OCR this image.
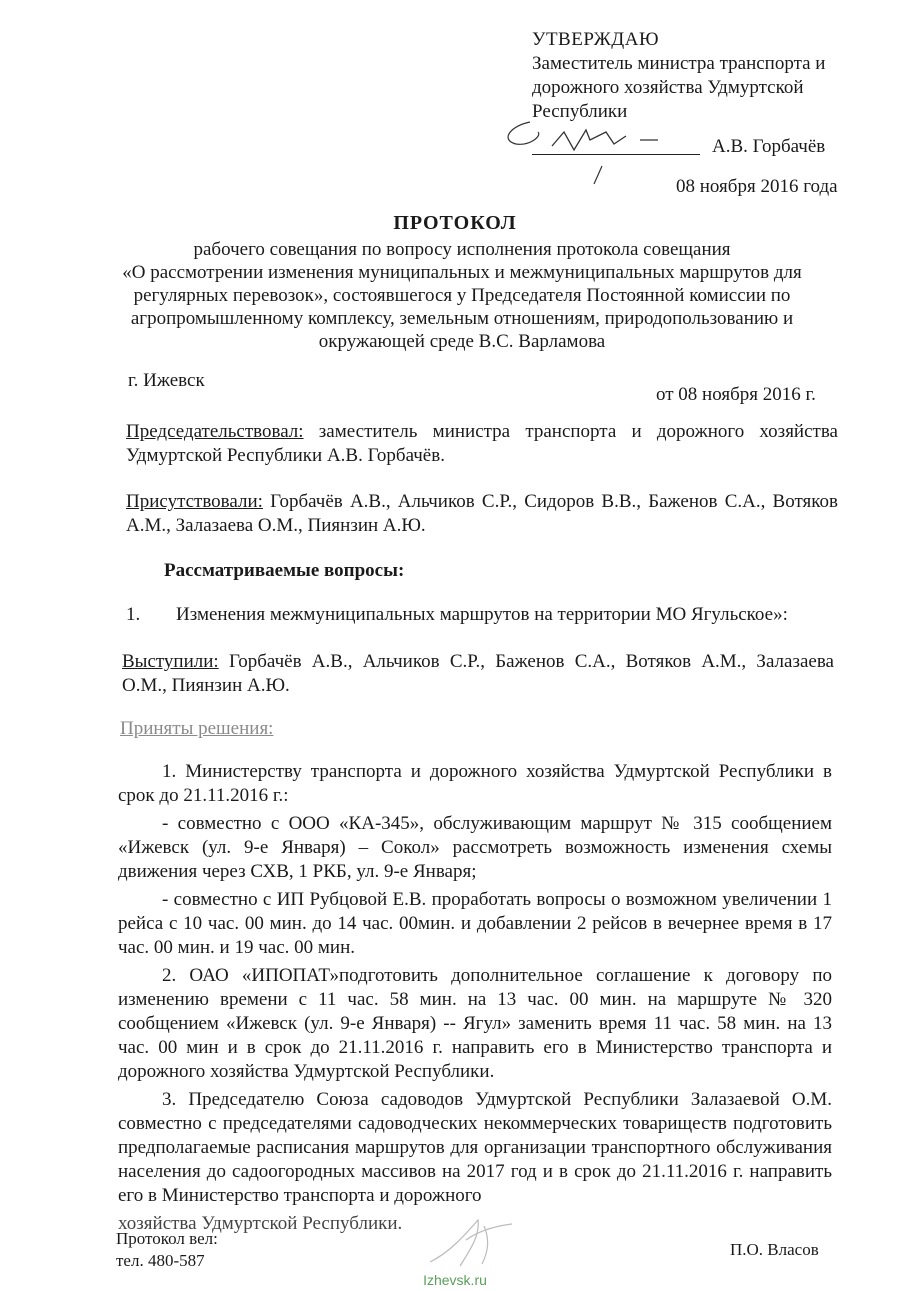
УТВЕРЖДАЮ
Заместитель министра транспорта и
дорожного хозяйства Удмуртской
Республики
А.В. Горбачёв
08 ноября 2016 года
ПРОТОКОЛ
рабочего совещания по вопросу исполнения протокола совещания
«О рассмотрении изменения муниципальных и межмуниципальных маршрутов для
регулярных перевозок», состоявшегося у Председателя Постоянной комиссии по
агропромышленному комплексу, земельным отношениям, природопользованию и
окружающей среде В.С. Варламова
г. Ижевск
от 08 ноября 2016 г.
Председательствовал: заместитель министра транспорта и дорожного хозяйства Удмуртской Республики А.В. Горбачёв.
Присутствовали: Горбачёв А.В., Альчиков С.Р., Сидоров В.В., Баженов С.А., Вотяков А.М., Залазаева О.М., Пиянзин А.Ю.
Рассматриваемые вопросы:
1. Изменения межмуниципальных маршрутов на территории МО Ягульское»:
Выступили: Горбачёв А.В., Альчиков С.Р., Баженов С.А., Вотяков А.М., Залазаева О.М., Пиянзин А.Ю.
Приняты решения:

1. Министерству транспорта и дорожного хозяйства Удмуртской Республики в срок до 21.11.2016 г.:

- совместно с ООО «КА-345», обслуживающим маршрут № 315 сообщением «Ижевск (ул. 9-е Января) – Сокол» рассмотреть возможность изменения схемы движения через СХВ, 1 РКБ, ул. 9-е Января;

- совместно с ИП Рубцовой Е.В. проработать вопросы о возможном увеличении 1 рейса с 10 час. 00 мин. до 14 час. 00мин. и добавлении 2 рейсов в вечернее время в 17 час. 00 мин. и 19 час. 00 мин.

2. ОАО «ИПОПАТ»подготовить дополнительное соглашение к договору по изменению времени с 11 час. 58 мин. на 13 час. 00 мин. на маршруте № 320 сообщением «Ижевск (ул. 9-е Января) -- Ягул» заменить время 11 час. 58 мин. на 13 час. 00 мин и в срок до 21.11.2016 г. направить его в Министерство транспорта и дорожного хозяйства Удмуртской Республики.

3. Председателю Союза садоводов Удмуртской Республики Залазаевой О.М. совместно с председателями садоводческих некоммерческих товариществ подготовить предполагаемые расписания маршрутов для организации транспортного обслуживания населения до садоогородных массивов на 2017 год и в срок до 21.11.2016 г. направить его в Министерство транспорта и дорожного

хозяйства Удмуртской Республики.

Протокол вел:
тел. 480-587
П.О. Власов
Izhevsk.ru
